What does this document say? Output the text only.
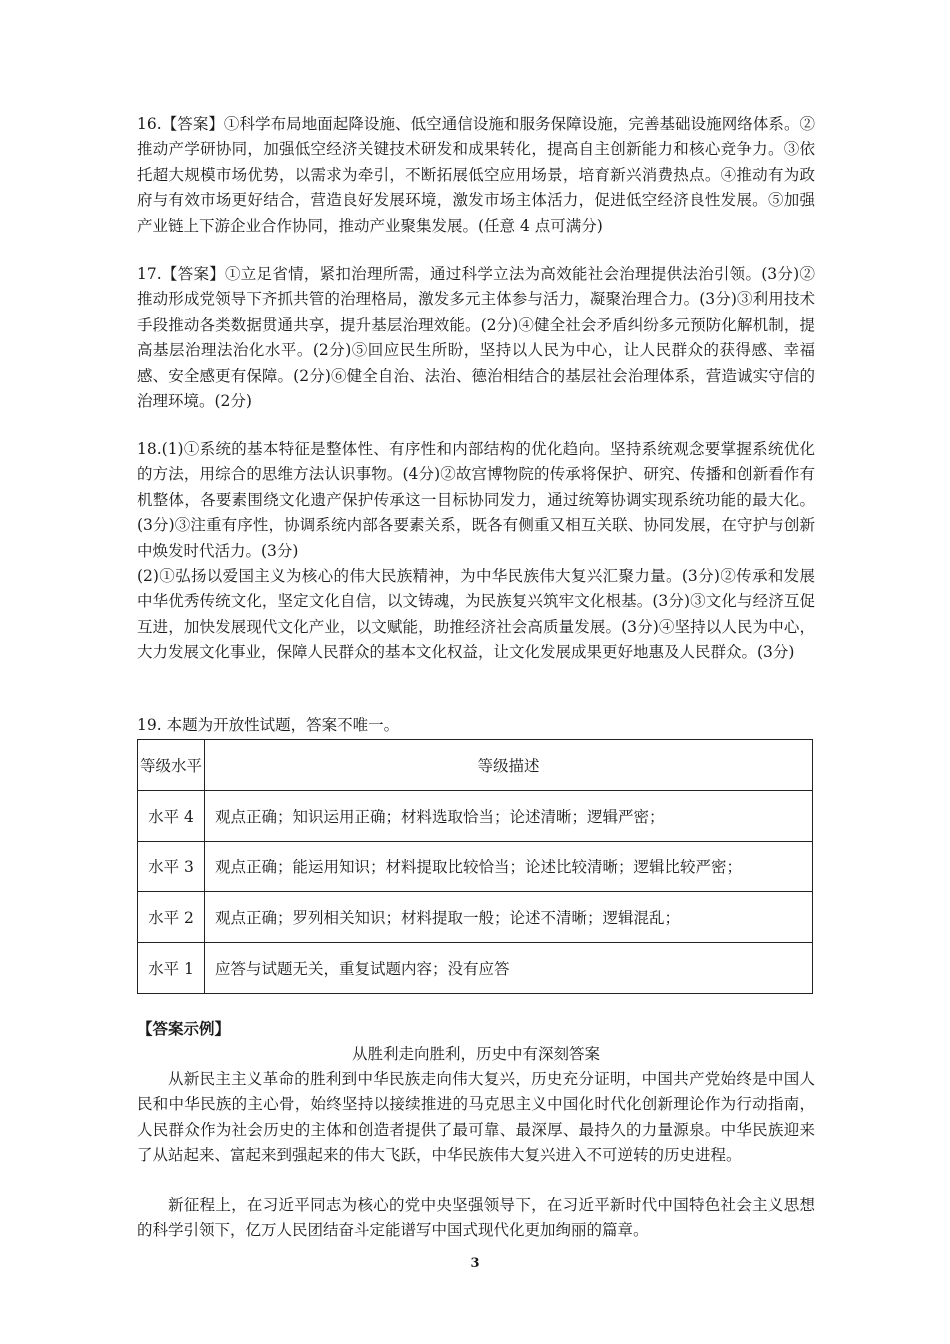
16.【答案】①科学布局地面起降设施、低空通信设施和服务保障设施，完善基础设施网络体系。②推动产学研协同，加强低空经济关键技术研发和成果转化，提高自主创新能力和核心竞争力。③依托超大规模市场优势，以需求为牵引，不断拓展低空应用场景，培育新兴消费热点。④推动有为政府与有效市场更好结合，营造良好发展环境，激发市场主体活力，促进低空经济良性发展。⑤加强产业链上下游企业合作协同，推动产业聚集发展。(任意 4 点可满分)

17.【答案】①立足省情，紧扣治理所需，通过科学立法为高效能社会治理提供法治引领。(3分)②推动形成党领导下齐抓共管的治理格局，激发多元主体参与活力，凝聚治理合力。(3分)③利用技术手段推动各类数据贯通共享，提升基层治理效能。(2分)④健全社会矛盾纠纷多元预防化解机制，提高基层治理法治化水平。(2分)⑤回应民生所盼，坚持以人民为中心，让人民群众的获得感、幸福感、安全感更有保障。(2分)⑥健全自治、法治、德治相结合的基层社会治理体系，营造诚实守信的治理环境。(2分)

18.(1)①系统的基本特征是整体性、有序性和内部结构的优化趋向。坚持系统观念要掌握系统优化的方法，用综合的思维方法认识事物。(4分)②故宫博物院的传承将保护、研究、传播和创新看作有机整体，各要素围绕文化遗产保护传承这一目标协同发力，通过统筹协调实现系统功能的最大化。(3分)③注重有序性，协调系统内部各要素关系，既各有侧重又相互关联、协同发展，在守护与创新中焕发时代活力。(3分)
(2)①弘扬以爱国主义为核心的伟大民族精神，为中华民族伟大复兴汇聚力量。(3分)②传承和发展中华优秀传统文化，坚定文化自信，以文铸魂，为民族复兴筑牢文化根基。(3分)③文化与经济互促互进，加快发展现代文化产业，以文赋能，助推经济社会高质量发展。(3分)④坚持以人民为中心，大力发展文化事业，保障人民群众的基本文化权益，让文化发展成果更好地惠及人民群众。(3分)

19. 本题为开放性试题，答案不唯一。

等级水平	等级描述
水平 4	观点正确；知识运用正确；材料选取恰当；论述清晰；逻辑严密；
水平 3	观点正确；能运用知识；材料提取比较恰当；论述比较清晰；逻辑比较严密；
水平 2	观点正确；罗列相关知识；材料提取一般；论述不清晰；逻辑混乱；
水平 1	应答与试题无关，重复试题内容；没有应答
【答案示例】
从胜利走向胜利，历史中有深刻答案

从新民主主义革命的胜利到中华民族走向伟大复兴，历史充分证明，中国共产党始终是中国人民和中华民族的主心骨，始终坚持以接续推进的马克思主义中国化时代化创新理论作为行动指南，人民群众作为社会历史的主体和创造者提供了最可靠、最深厚、最持久的力量源泉。中华民族迎来了从站起来、富起来到强起来的伟大飞跃，中华民族伟大复兴进入不可逆转的历史进程。

新征程上，在习近平同志为核心的党中央坚强领导下，在习近平新时代中国特色社会主义思想的科学引领下，亿万人民团结奋斗定能谱写中国式现代化更加绚丽的篇章。

3
